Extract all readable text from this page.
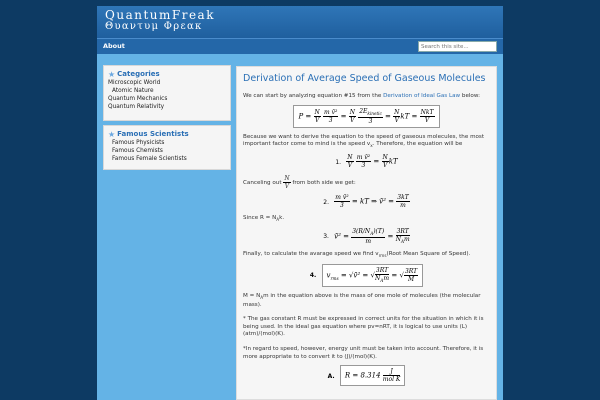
QuantumFreak
Θυαντυμ Φρεακ
About
Search this site...
★ Categories
Microscopic World
Atomic Nature
Quantum Mechanics
Quantum Relativity
★ Famous Scientists
Famous Physicists
Famous Chemists
Famous Female Scientists
Derivation of Average Speed of Gaseous Molecules

We can start by analyzing equation #15 from the Derivation of Ideal Gas Law below:

$P = \frac{N}{V}$
$\frac{\text{m v̄²}}{3} = \frac{N}{V}$
$\frac{2E_{kinetic}}{3} = \frac{N}{V}$ kT = $\frac{\text{NkT}}{V}$

Because we want to derive the equation to the speed of gaseous molecules, the most important factor come to mind is the speed $v_x$. Therefore, the equation will be

1. $\frac{N}{V}$
$\frac{\text{m v̄²}}{3} = \frac{N}{V}$ kT

Canceling out $\frac{N}{V}$ from both side we get:

2. $\frac{\text{m v̄²}}{3}$ = kT ⇒ v̄² = $\frac{3kT}{m}$

Since $R = N_Ak$.

3. v̄² = $\frac{3(R/N_A)(T)}{m} = \frac{3RT}{N_Am}$

Finally, to calculate the avarage speed we find $v_{rms}(Root$ Mean Square of Speed).

4. $v_{rms}$ = √v̄² = √ $\frac{3RT}{N_Am}$ = √ $\frac{3RT}{M}$

$M = N_Am$ in the equation above is the mass of one mole of molecules (the molecular mass).

* The gas constant R must be expressed in correct units for the situation in which it is being used. In the ideal gas equation where pv=nRT, it is logical to use units (L)(atm)/(mol)(K).

*In regard to speed, however, energy unit must be taken into account. Therefore, it is more appropriate to to convert it to (J)/(mol)(K).

A. $R = 8.314 \frac{J}{\text{mol K}}$
